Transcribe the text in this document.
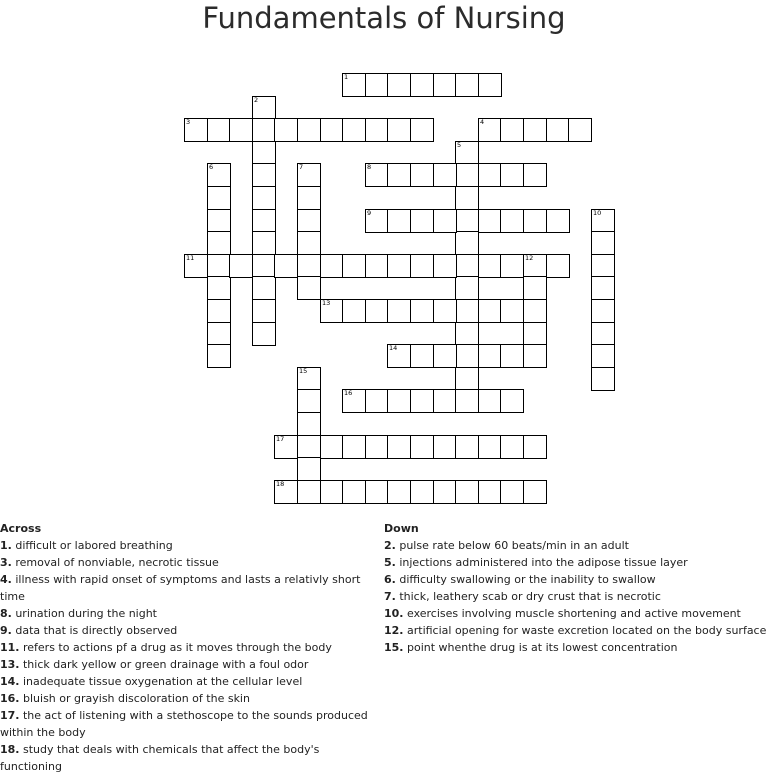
Fundamentals of Nursing
1
2
3	4
5
6	7	8
9	10
11	12
13
14
15
16
17
18
Across
1. difficult or labored breathing
3. removal of nonviable, necrotic tissue
4. illness with rapid onset of symptoms and lasts a relativly short time
8. urination during the night
9. data that is directly observed
11. refers to actions pf a drug as it moves through the body
13. thick dark yellow or green drainage with a foul odor
14. inadequate tissue oxygenation at the cellular level
16. bluish or grayish discoloration of the skin
17. the act of listening with a stethoscope to the sounds produced within the body
18. study that deals with chemicals that affect the body's functioning
Down
2. pulse rate below 60 beats/min in an adult
5. injections administered into the adipose tissue layer
6. difficulty swallowing or the inability to swallow
7. thick, leathery scab or dry crust that is necrotic
10. exercises involving muscle shortening and active movement
12. artificial opening for waste excretion located on the body surface
15. point whenthe drug is at its lowest concentration
